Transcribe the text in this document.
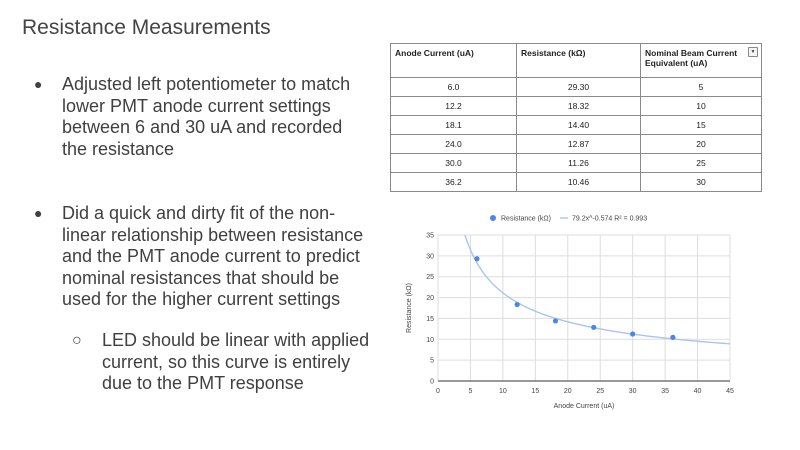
Resistance Measurements
● Adjusted left potentiometer to match lower PMT anode current settings between 6 and 30 uA and recorded the resistance
● Did a quick and dirty fit of the non-linear relationship between resistance and the PMT anode current to predict nominal resistances that should be used for the higher current settings
○ LED should be linear with applied current, so this curve is entirely due to the PMT response
Anode Current (uA)	Resistance (kΩ)	Nominal Beam Current Equivalent (uA)
▼

6.0	29.30	5
12.2	18.32	10
18.1	14.40	15
24.0	12.87	20
30.0	11.26	25
36.2	10.46	30
0	5	10	15	20	25	30	35	40	45
0
5
10
15
20
25
30
35
Anode Current (uA)
Resistance (kΩ)
Resistance (kΩ)	79.2x^-0.574 R² = 0.993
